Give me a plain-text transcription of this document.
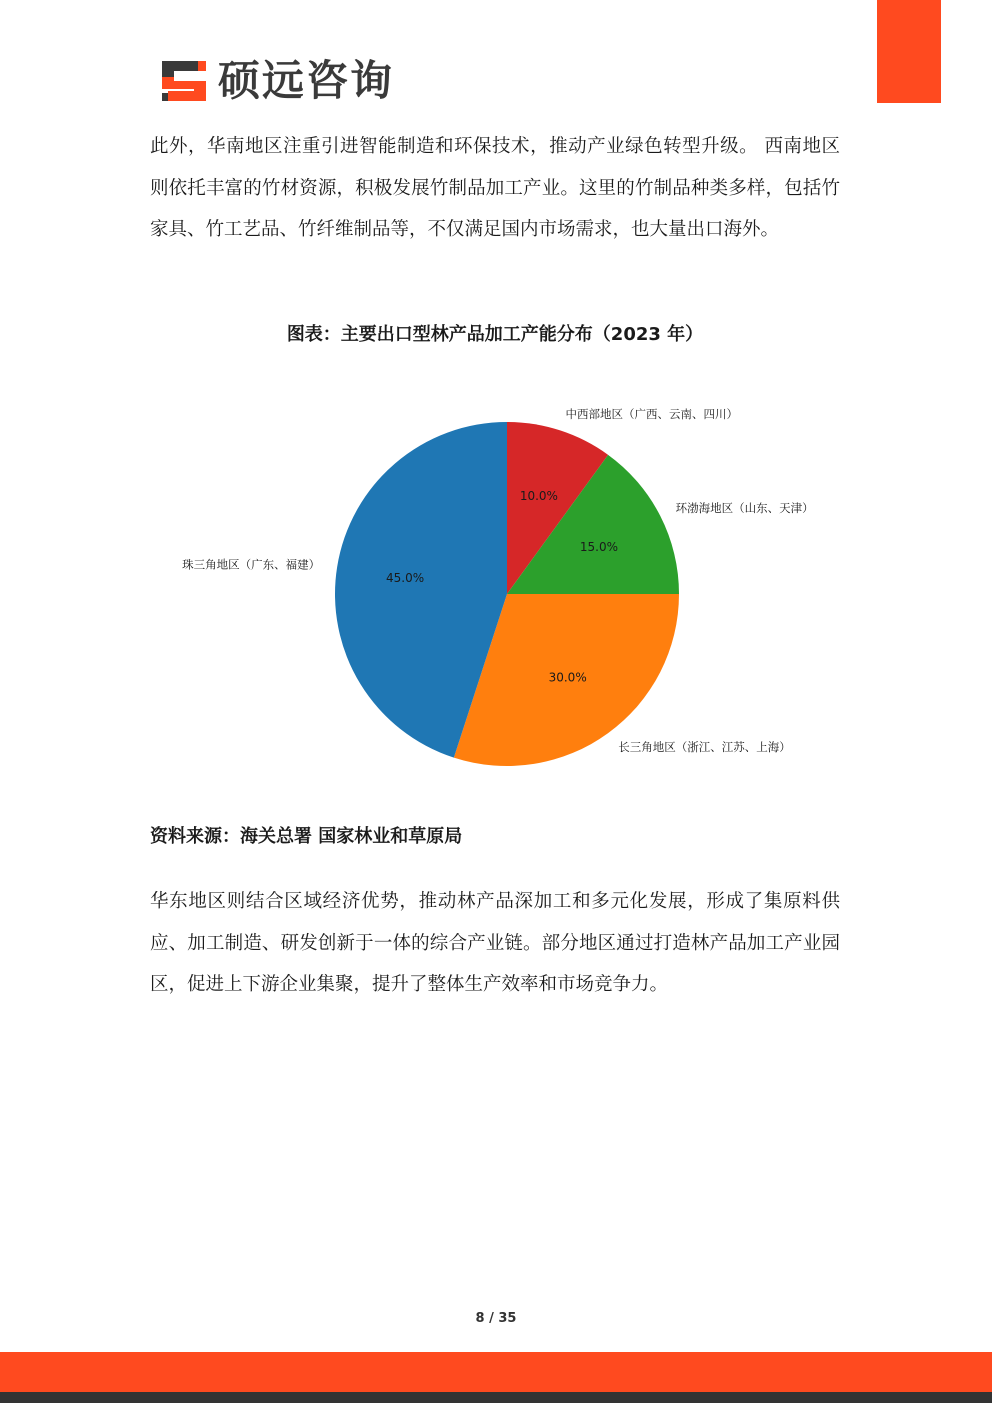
硕远咨询

此外，华南地区注重引进智能制造和环保技术，推动产业绿色转型升级。 西南地区则依托丰富的竹材资源，积极发展竹制品加工产业。这里的竹制品种类多样，包括竹家具、竹工艺品、竹纤维制品等，不仅满足国内市场需求，也大量出口海外。

图表：主要出口型林产品加工产能分布（2023 年）
10.0%
中西部地区（广西、云南、四川）
15.0%
环渤海地区（山东、天津）
30.0%
长三角地区（浙江、江苏、上海）
45.0%
珠三角地区（广东、福建）
资料来源：海关总署 国家林业和草原局

华东地区则结合区域经济优势，推动林产品深加工和多元化发展，形成了集原料供应、加工制造、研发创新于一体的综合产业链。部分地区通过打造林产品加工产业园区，促进上下游企业集聚，提升了整体生产效率和市场竞争力。

8 / 35
